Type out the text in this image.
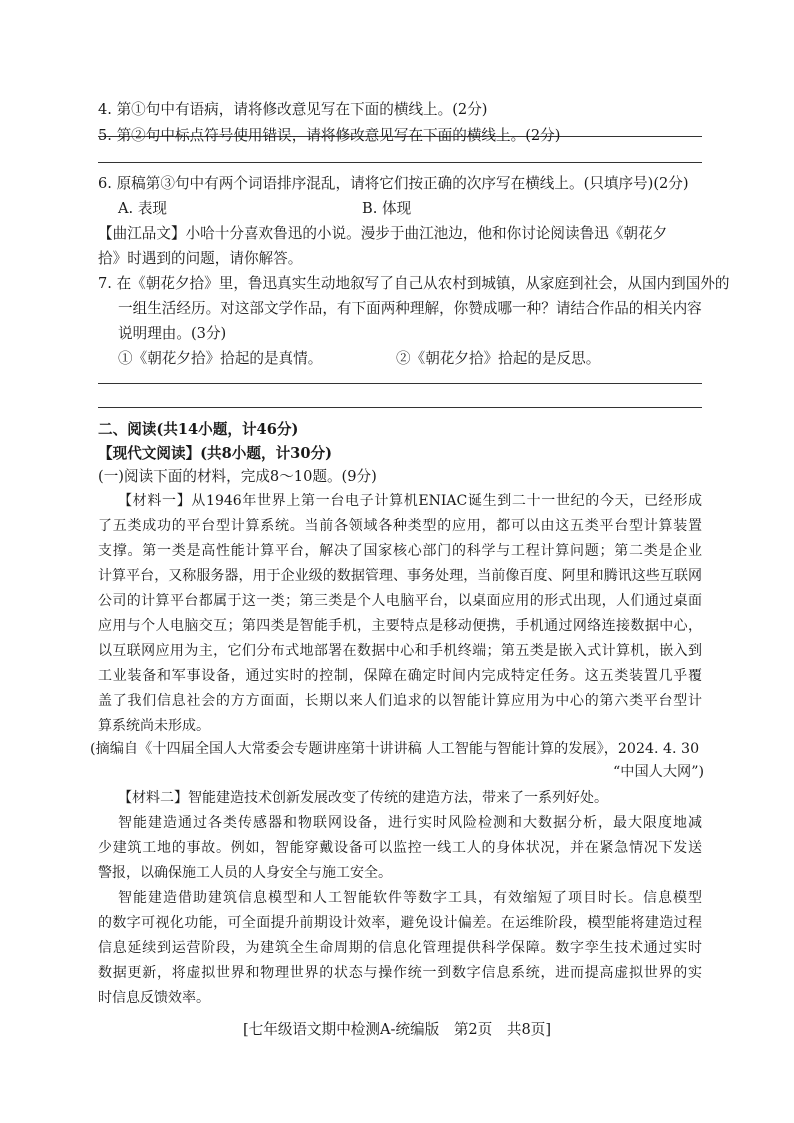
4. 第①句中有语病，请将修改意见写在下面的横线上。(2分)
5. 第②句中标点符号使用错误，请将修改意见写在下面的横线上。(2分)
6. 原稿第③句中有两个词语排序混乱，请将它们按正确的次序写在横线上。(只填序号)(2分)
A. 表现	B. 体现
【曲江品文】小哈十分喜欢鲁迅的小说。漫步于曲江池边，他和你讨论阅读鲁迅《朝花夕
拾》时遇到的问题，请你解答。
7. 在《朝花夕拾》里，鲁迅真实生动地叙写了自己从农村到城镇，从家庭到社会，从国内到国外的
一组生活经历。对这部文学作品，有下面两种理解，你赞成哪一种？请结合作品的相关内容
说明理由。(3分)
①《朝花夕拾》拾起的是真情。	②《朝花夕拾》拾起的是反思。
二、阅读(共14小题，计46分)
【现代文阅读】(共8小题，计30分)
(一)阅读下面的材料，完成8～10题。(9分)
【材料一】从1946年世界上第一台电子计算机ENIAC诞生到二十一世纪的今天，已经形成
了五类成功的平台型计算系统。当前各领域各种类型的应用，都可以由这五类平台型计算装置
支撑。第一类是高性能计算平台，解决了国家核心部门的科学与工程计算问题；第二类是企业
计算平台，又称服务器，用于企业级的数据管理、事务处理，当前像百度、阿里和腾讯这些互联网
公司的计算平台都属于这一类；第三类是个人电脑平台，以桌面应用的形式出现，人们通过桌面
应用与个人电脑交互；第四类是智能手机，主要特点是移动便携，手机通过网络连接数据中心，
以互联网应用为主，它们分布式地部署在数据中心和手机终端；第五类是嵌入式计算机，嵌入到
工业装备和军事设备，通过实时的控制，保障在确定时间内完成特定任务。这五类装置几乎覆
盖了我们信息社会的方方面面，长期以来人们追求的以智能计算应用为中心的第六类平台型计
算系统尚未形成。
(摘编自《十四届全国人大常委会专题讲座第十讲讲稿 人工智能与智能计算的发展》，2024. 4. 30
“中国人大网”)
【材料二】智能建造技术创新发展改变了传统的建造方法，带来了一系列好处。
智能建造通过各类传感器和物联网设备，进行实时风险检测和大数据分析，最大限度地减
少建筑工地的事故。例如，智能穿戴设备可以监控一线工人的身体状况，并在紧急情况下发送
警报，以确保施工人员的人身安全与施工安全。
智能建造借助建筑信息模型和人工智能软件等数字工具，有效缩短了项目时长。信息模型
的数字可视化功能，可全面提升前期设计效率，避免设计偏差。在运维阶段，模型能将建造过程
信息延续到运营阶段，为建筑全生命周期的信息化管理提供科学保障。数字孪生技术通过实时
数据更新，将虚拟世界和物理世界的状态与操作统一到数字信息系统，进而提高虚拟世界的实
时信息反馈效率。
[七年级语文期中检测A-统编版　第2页　共8页]
